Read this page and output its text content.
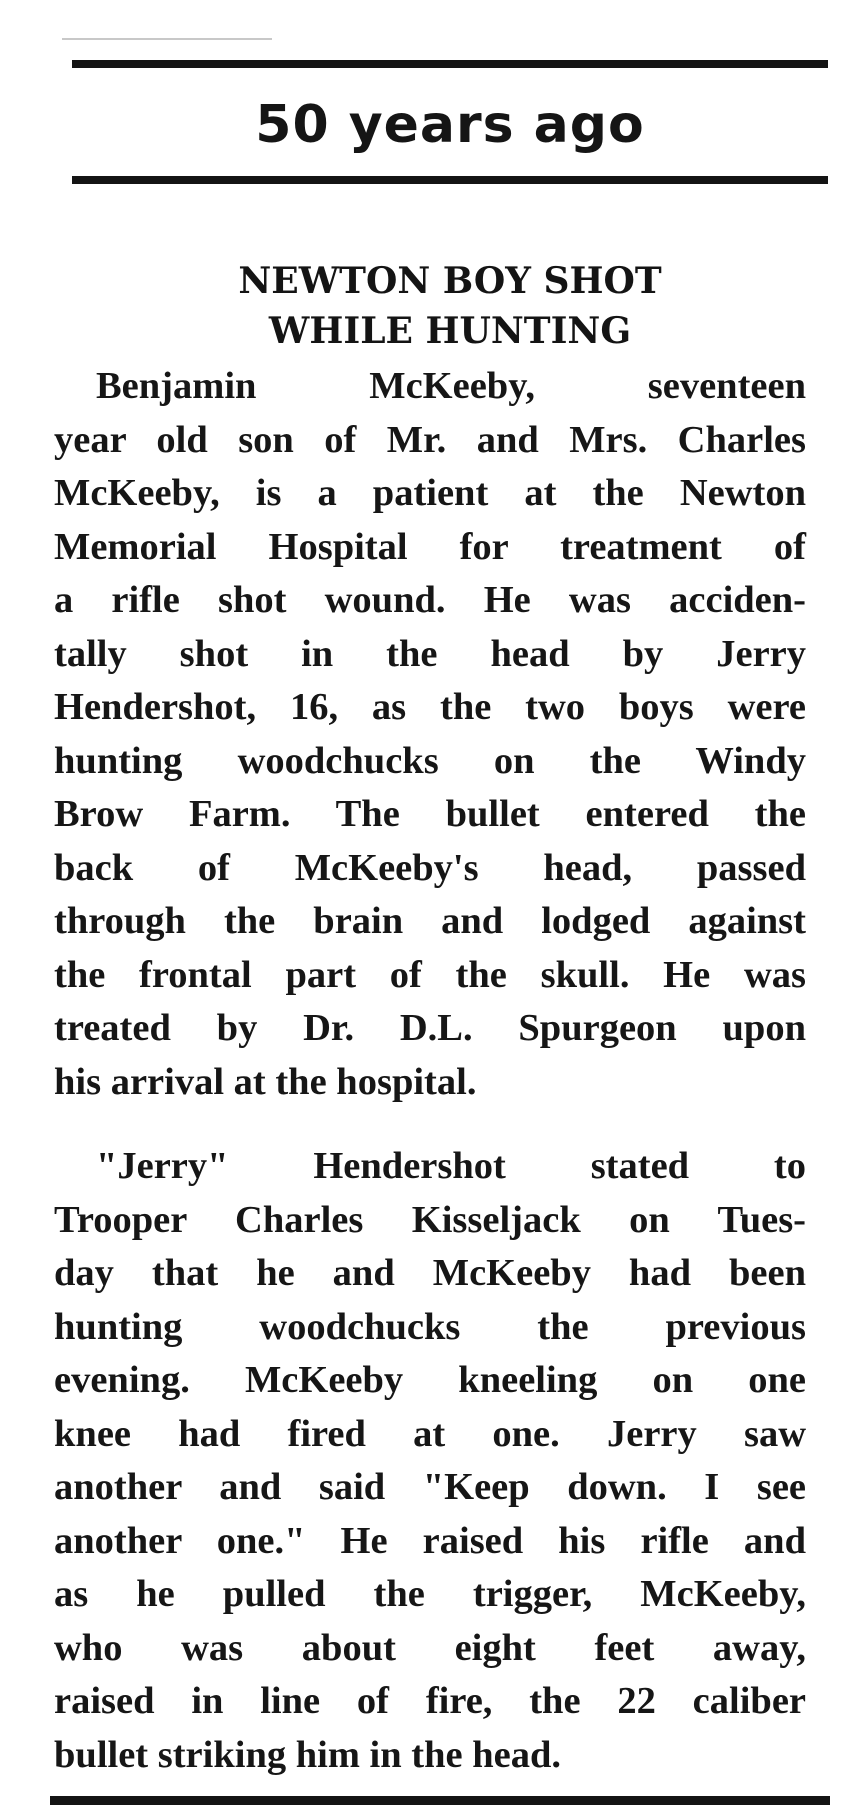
50 years ago
NEWTON BOY SHOT
WHILE HUNTING
Benjamin McKeeby, seventeen
year old son of Mr. and Mrs. Charles
McKeeby, is a patient at the Newton
Memorial Hospital for treatment of
a rifle shot wound. He was acciden-
tally shot in the head by Jerry
Hendershot, 16, as the two boys were
hunting woodchucks on the Windy
Brow Farm. The bullet entered the
back of McKeeby's head, passed
through the brain and lodged against
the frontal part of the skull. He was
treated by Dr. D.L. Spurgeon upon
his arrival at the hospital.
"Jerry" Hendershot stated to
Trooper Charles Kisseljack on Tues-
day that he and McKeeby had been
hunting woodchucks the previous
evening. McKeeby kneeling on one
knee had fired at one. Jerry saw
another and said "Keep down. I see
another one." He raised his rifle and
as he pulled the trigger, McKeeby,
who was about eight feet away,
raised in line of fire, the 22 caliber
bullet striking him in the head.
